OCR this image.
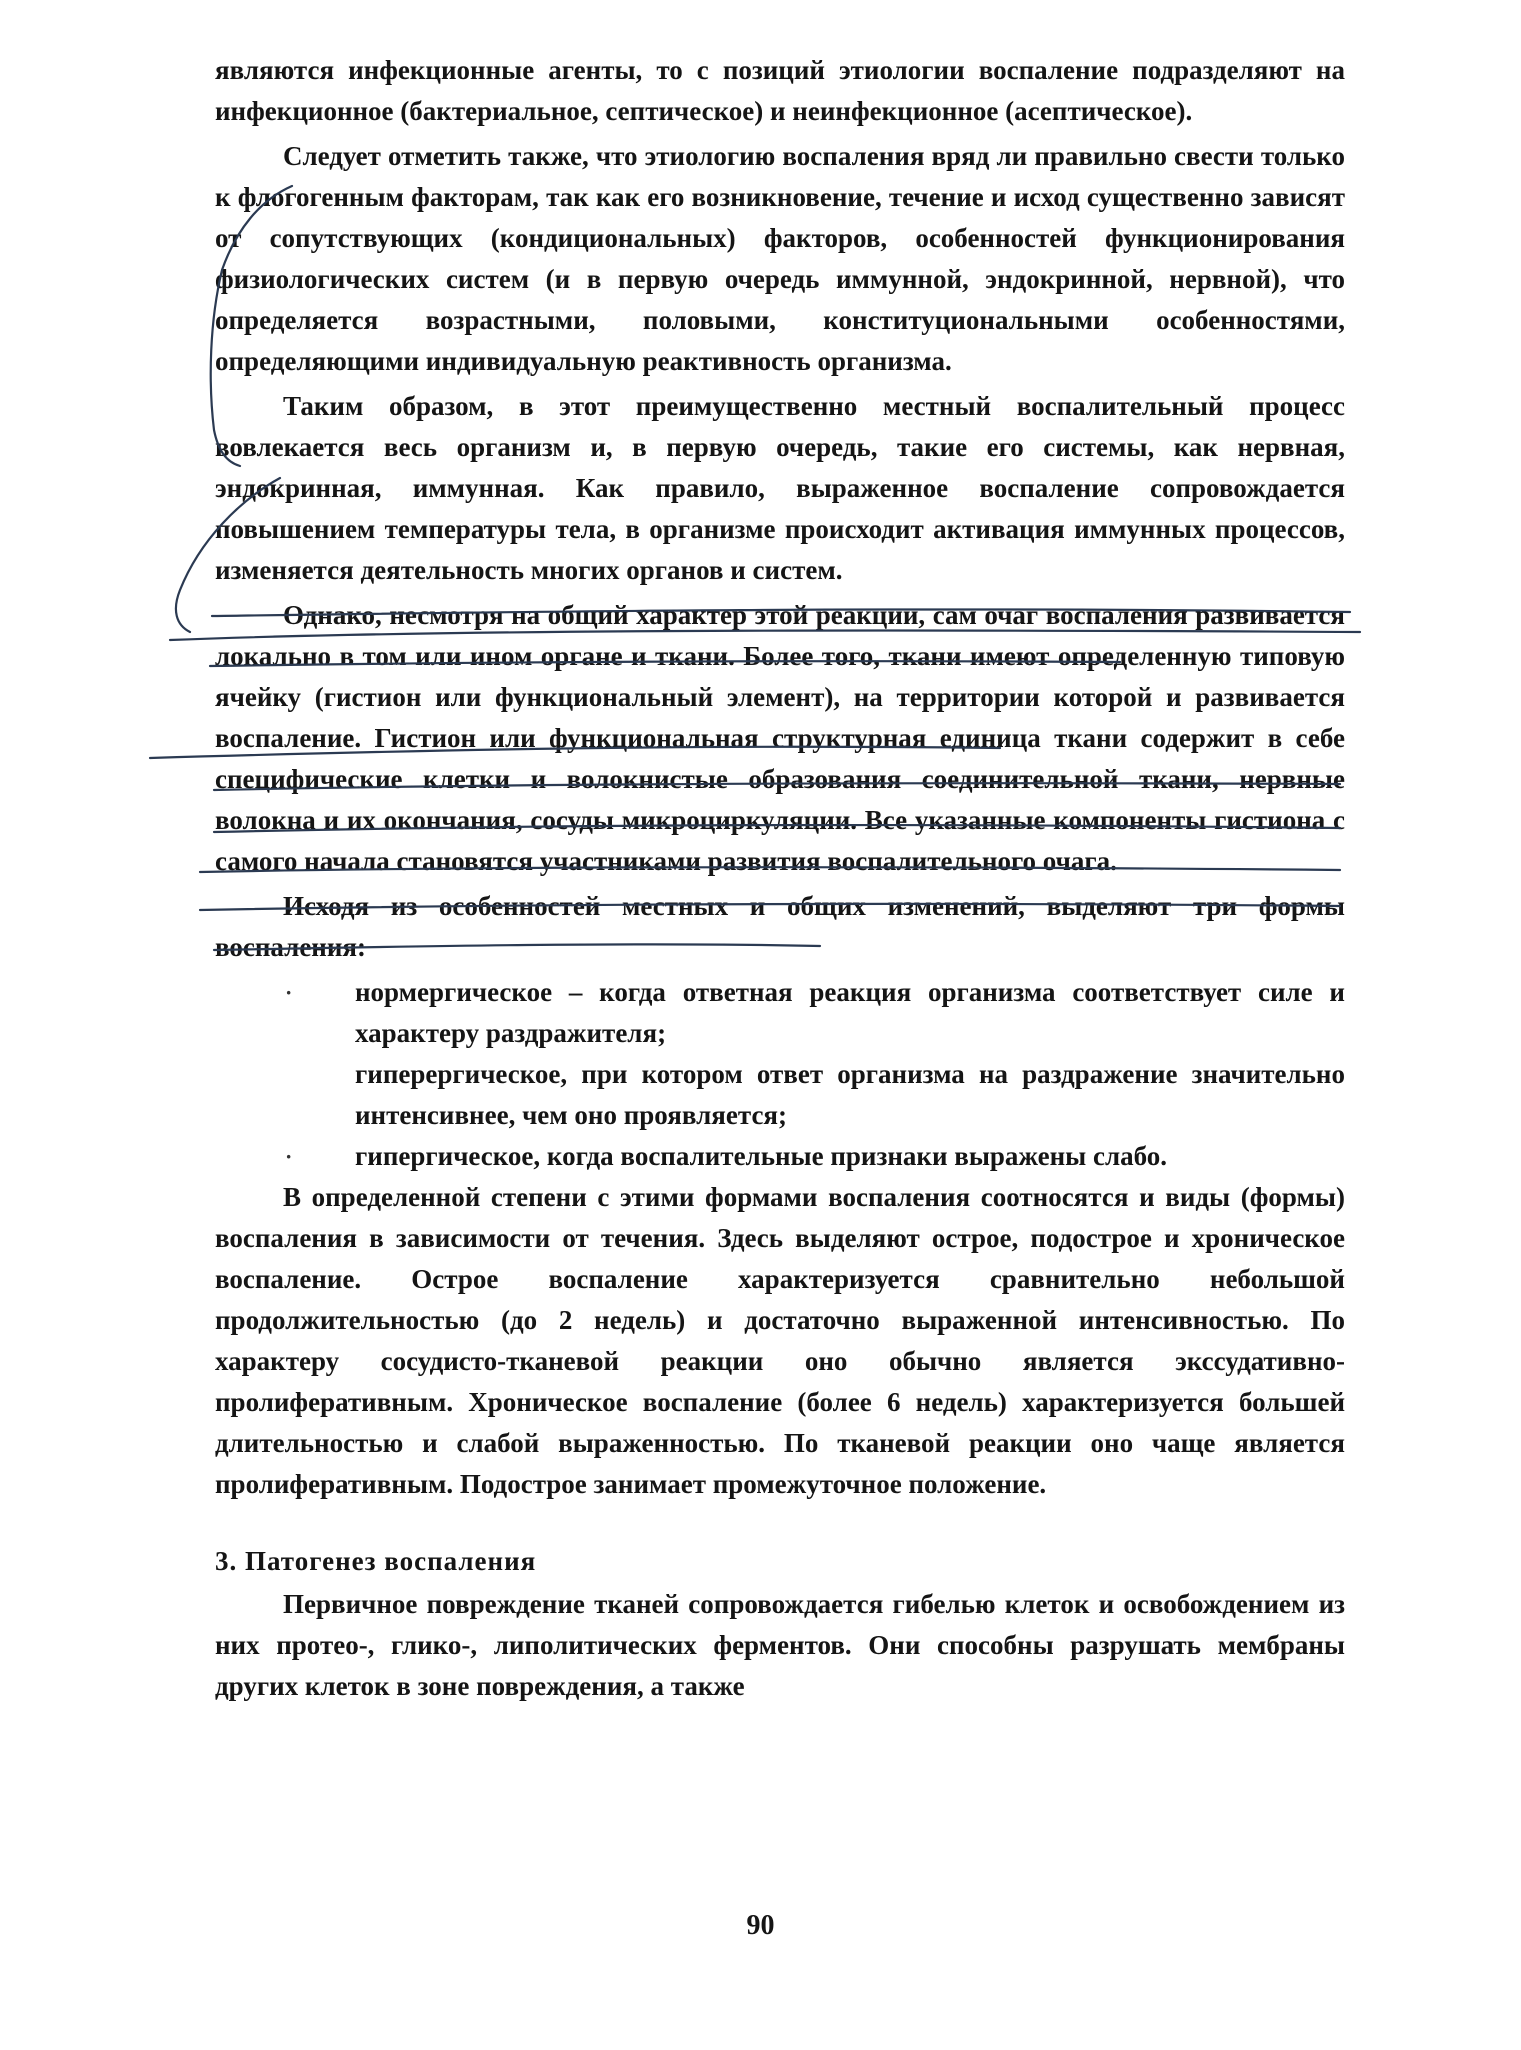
являются инфекционные агенты, то с позиций этиологии воспаление подразделяют на инфекционное (бактериальное, септическое) и неинфекционное (асептическое).

Следует отметить также, что этиологию воспаления вряд ли правильно свести только к флогогенным факторам, так как его возникновение, течение и исход существенно зависят от сопутствующих (кондициональных) факторов, особенностей функционирования физиологических систем (и в первую очередь иммунной, эндокринной, нервной), что определяется возрастными, половыми, конституциональными особенностями, определяющими индивидуальную реактивность организма.

Таким образом, в этот преимущественно местный воспалительный процесс вовлекается весь организм и, в первую очередь, такие его системы, как нервная, эндокринная, иммунная. Как правило, выраженное воспаление сопровождается повышением температуры тела, в организме происходит активация иммунных процессов, изменяется деятельность многих органов и систем.

Однако, несмотря на общий характер этой реакции, сам очаг воспаления развивается локально в том или ином органе и ткани. Более того, ткани имеют определенную типовую ячейку (гистион или функциональный элемент), на территории которой и развивается воспаление. Гистион или функциональная структурная единица ткани содержит в себе специфические клетки и волокнистые образования соединительной ткани, нервные волокна и их окончания, сосуды микроциркуляции. Все указанные компоненты гистиона с самого начала становятся участниками развития воспалительного очага.

Исходя из особенностей местных и общих изменений, выделяют три формы воспаления:

· нормергическое – когда ответная реакция организма соответствует силе и характеру раздражителя;
гиперергическое, при котором ответ организма на раздражение значительно интенсивнее, чем оно проявляется;
· гипергическое, когда воспалительные признаки выражены слабо.

В определенной степени с этими формами воспаления соотносятся и виды (формы) воспаления в зависимости от течения. Здесь выделяют острое, подострое и хроническое воспаление. Острое воспаление характеризуется сравнительно небольшой продолжительностью (до 2 недель) и достаточно выраженной интенсивностью. По характеру сосудисто-тканевой реакции оно обычно является экссудативно-пролиферативным. Хроническое воспаление (более 6 недель) характеризуется большей длительностью и слабой выраженностью. По тканевой реакции оно чаще является пролиферативным. Подострое занимает промежуточное положение.

3. Патогенез воспаления

Первичное повреждение тканей сопровождается гибелью клеток и освобождением из них протео-, глико-, липолитических ферментов. Они способны разрушать мембраны других клеток в зоне повреждения, а также

90
